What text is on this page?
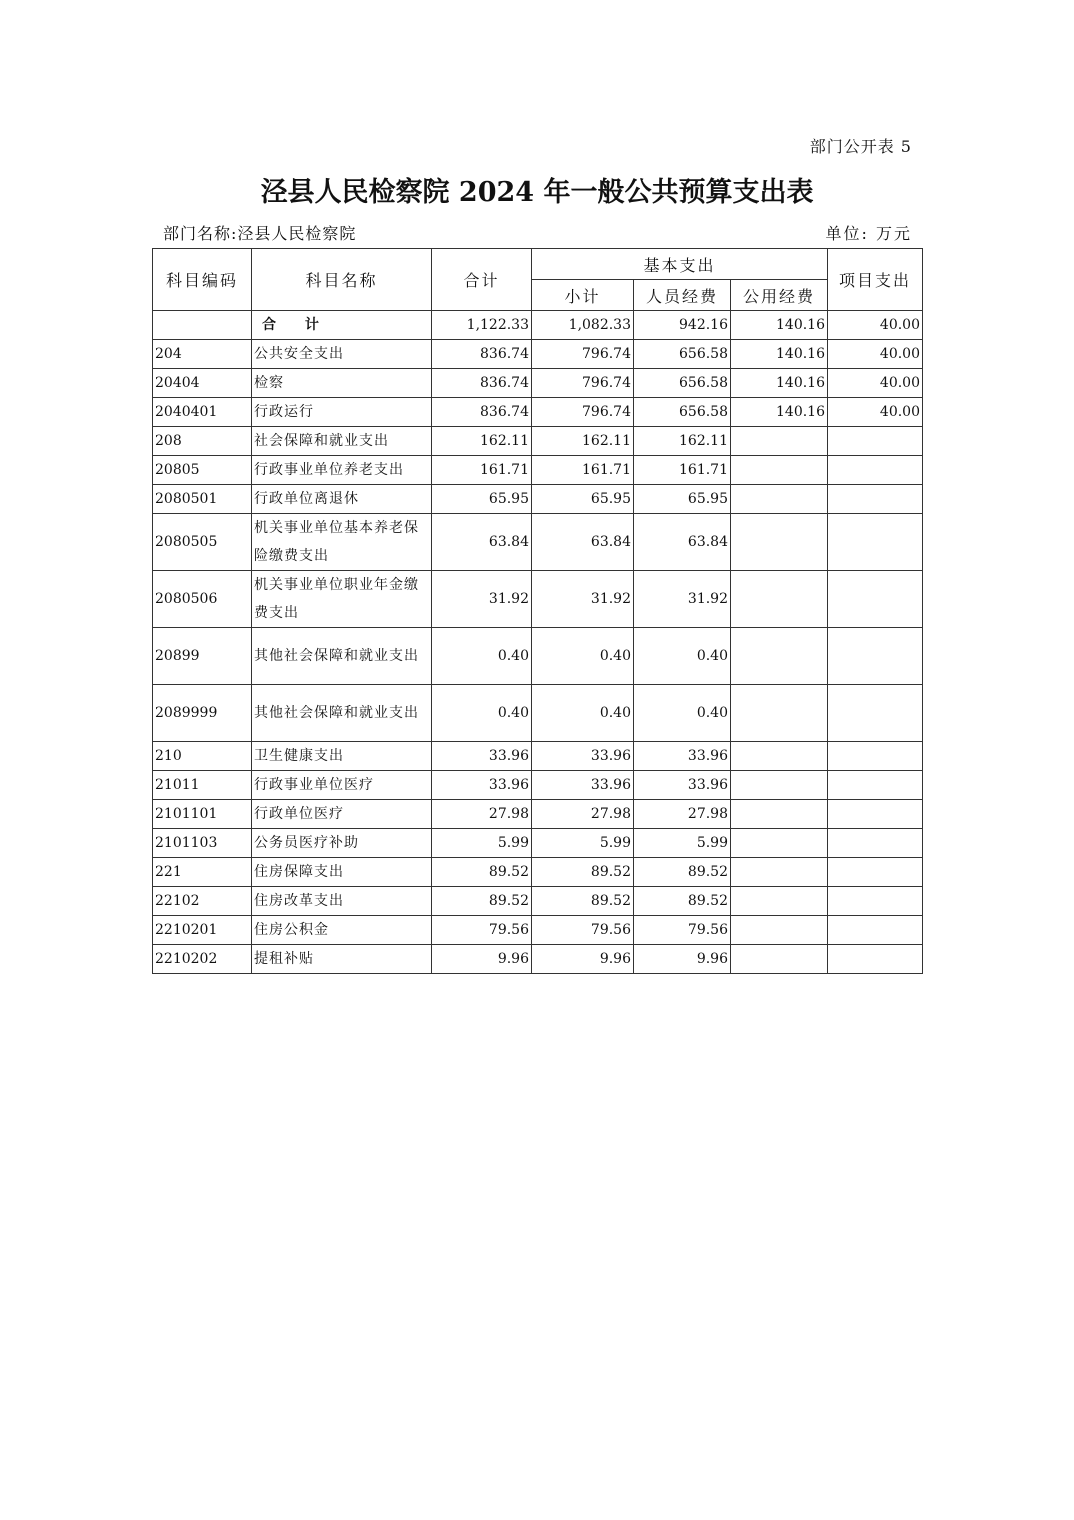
部门公开表 5
泾县人民检察院 2024 年一般公共预算支出表
部门名称:泾县人民检察院	单位: 万元
科目编码	科目名称	合计	基本支出			项目支出
			小计	人员经费	公用经费	
	合 计	1,122.33	1,082.33	942.16	140.16	40.00
204	公共安全支出	836.74	796.74	656.58	140.16	40.00
20404	检察	836.74	796.74	656.58	140.16	40.00
2040401	行政运行	836.74	796.74	656.58	140.16	40.00
208	社会保障和就业支出	162.11	162.11	162.11		
20805	行政事业单位养老支出	161.71	161.71	161.71		
2080501	行政单位离退休	65.95	65.95	65.95		
2080505	机关事业单位基本养老保险缴费支出	63.84	63.84	63.84		
2080506	机关事业单位职业年金缴费支出	31.92	31.92	31.92		
20899	其他社会保障和就业支出	0.40	0.40	0.40		
2089999	其他社会保障和就业支出	0.40	0.40	0.40		
210	卫生健康支出	33.96	33.96	33.96		
21011	行政事业单位医疗	33.96	33.96	33.96		
2101101	行政单位医疗	27.98	27.98	27.98		
2101103	公务员医疗补助	5.99	5.99	5.99		
221	住房保障支出	89.52	89.52	89.52		
22102	住房改革支出	89.52	89.52	89.52		
2210201	住房公积金	79.56	79.56	79.56		
2210202	提租补贴	9.96	9.96	9.96		
